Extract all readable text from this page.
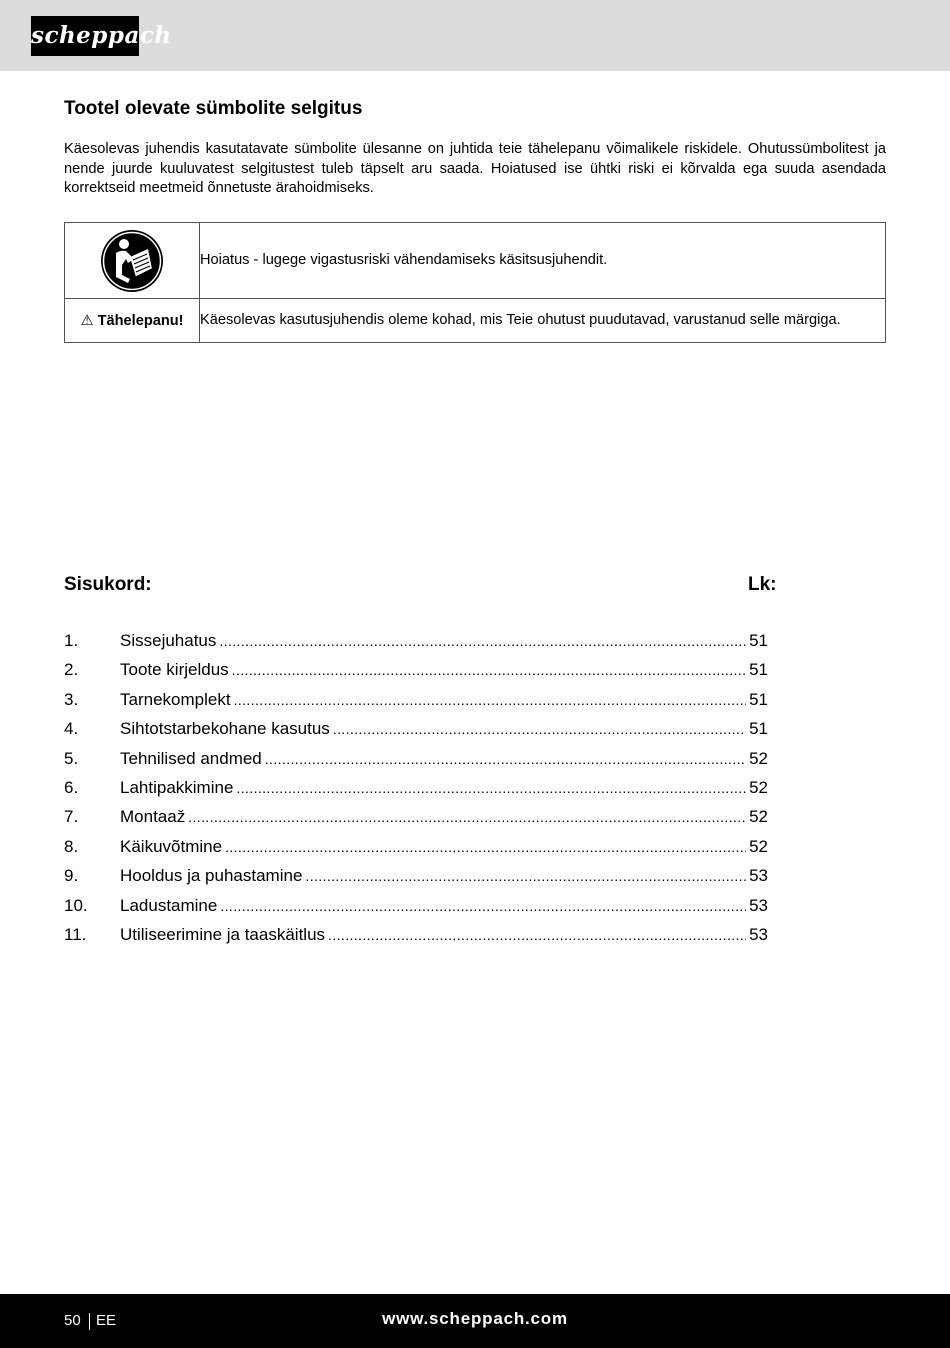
scheppach
Tootel olevate sümbolite selgitus

Käesolevas juhendis kasutatavate sümbolite ülesanne on juhtida teie tähelepanu võimalikele riskidele. Ohutussümbolitest ja nende juurde kuuluvatest selgitustest tuleb täpselt aru saada. Hoiatused ise ühtki riski ei kõrvalda ega suuda asendada korrektseid meetmeid õnnetuste ärahoidmiseks.

	Hoiatus - lugege vigastusriski vähendamiseks käsitsusjuhendit.
⚠ Tähelepanu!	Käesolevas kasutusjuhendis oleme kohad, mis Teie ohutust puudutavad, varustanud selle märgiga.
Sisukord:	Lk:
1.	Sissejuhatus .....	51
2.	Toote kirjeldus .....	51
3.	Tarnekomplekt .....	51
4.	Sihtotstarbekohane kasutus .....	51
5.	Tehnilised andmed .....	52
6.	Lahtipakkimine .....	52
7.	Montaaž .....	52
8.	Käikuvõtmine .....	52
9.	Hooldus ja puhastamine .....	53
10.	Ladustamine .....	53
11.	Utiliseerimine ja taaskäitlus .....	53
50 EE	www.scheppach.com
